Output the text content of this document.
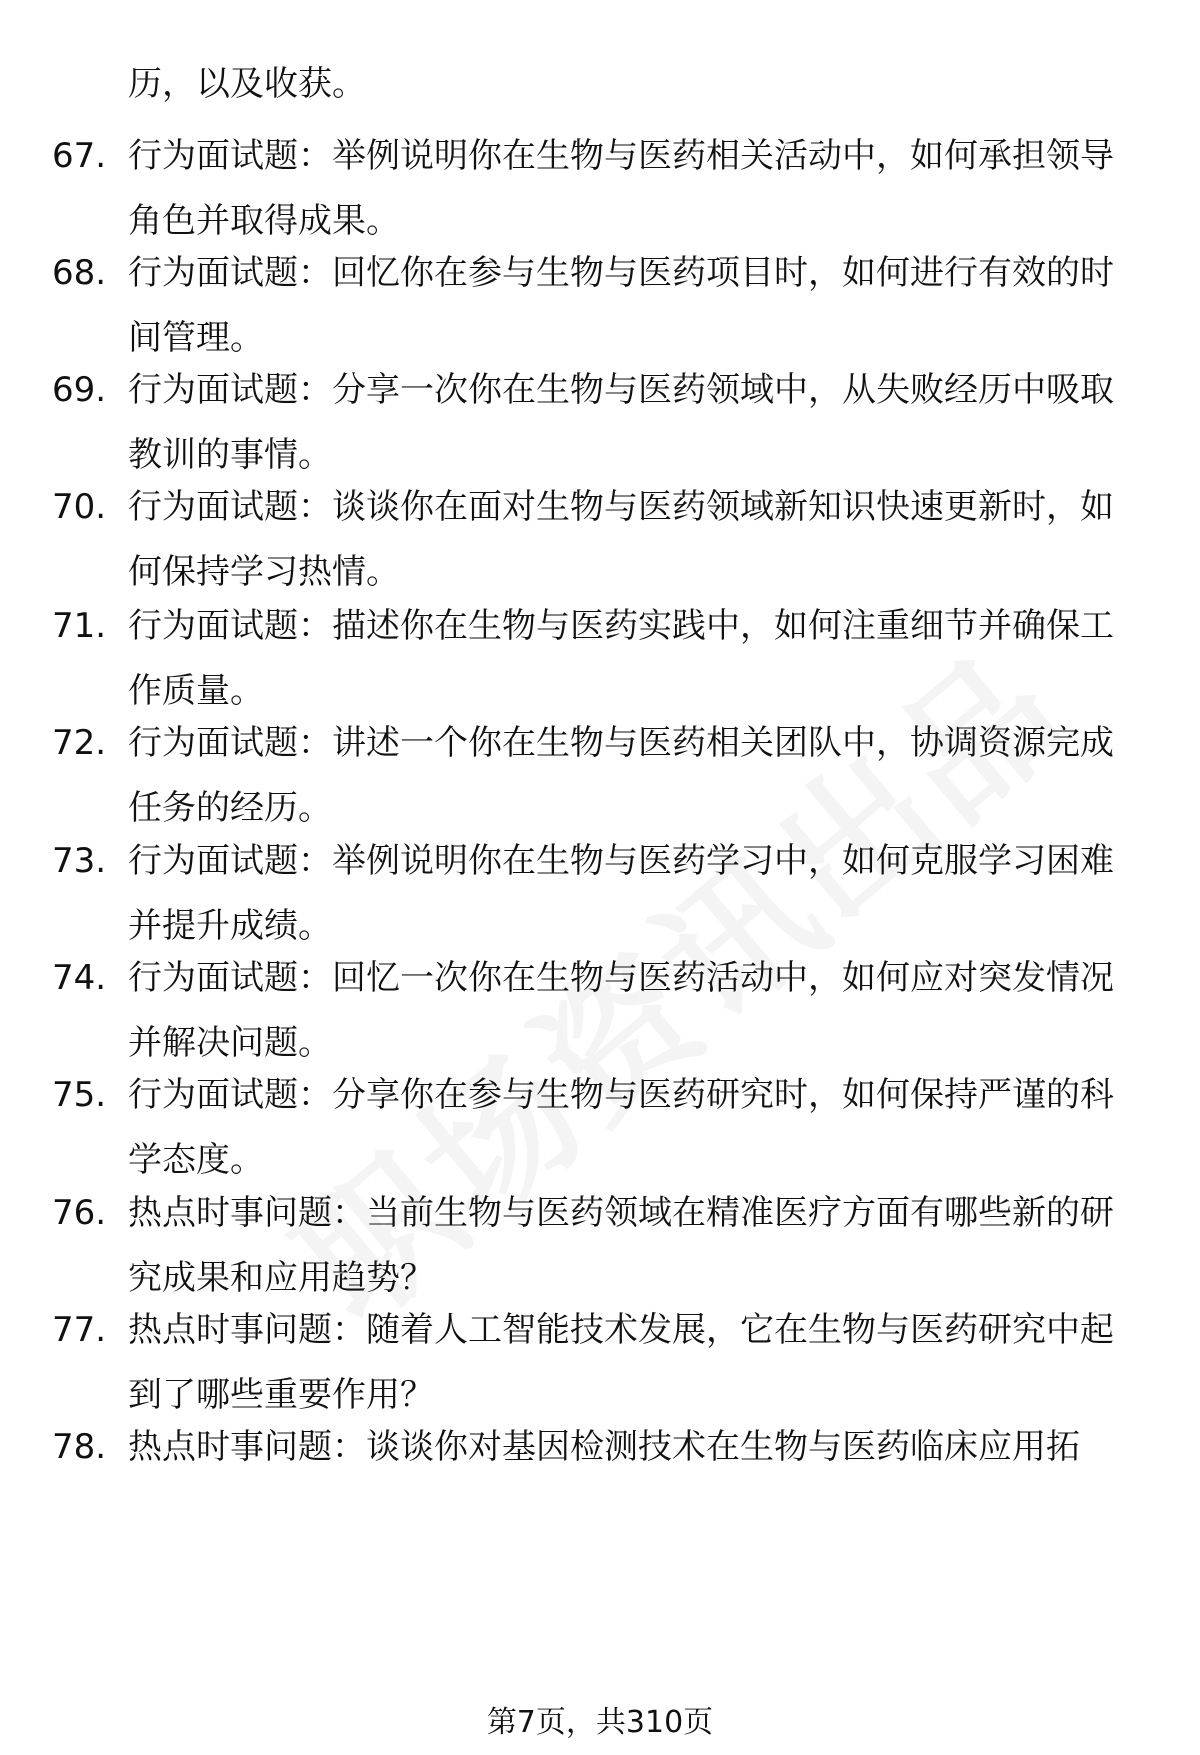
历，以及收获。
67. 行为面试题：举例说明你在生物与医药相关活动中，如何承担领导角色并取得成果。
68. 行为面试题：回忆你在参与生物与医药项目时，如何进行有效的时间管理。
69. 行为面试题：分享一次你在生物与医药领域中，从失败经历中吸取教训的事情。
70. 行为面试题：谈谈你在面对生物与医药领域新知识快速更新时，如何保持学习热情。
71. 行为面试题：描述你在生物与医药实践中，如何注重细节并确保工作质量。
72. 行为面试题：讲述一个你在生物与医药相关团队中，协调资源完成任务的经历。
73. 行为面试题：举例说明你在生物与医药学习中，如何克服学习困难并提升成绩。
74. 行为面试题：回忆一次你在生物与医药活动中，如何应对突发情况并解决问题。
75. 行为面试题：分享你在参与生物与医药研究时，如何保持严谨的科学态度。
76. 热点时事问题：当前生物与医药领域在精准医疗方面有哪些新的研究成果和应用趋势？
77. 热点时事问题：随着人工智能技术发展，它在生物与医药研究中起到了哪些重要作用？
78. 热点时事问题：谈谈你对基因检测技术在生物与医药临床应用拓
第7页，共310页
